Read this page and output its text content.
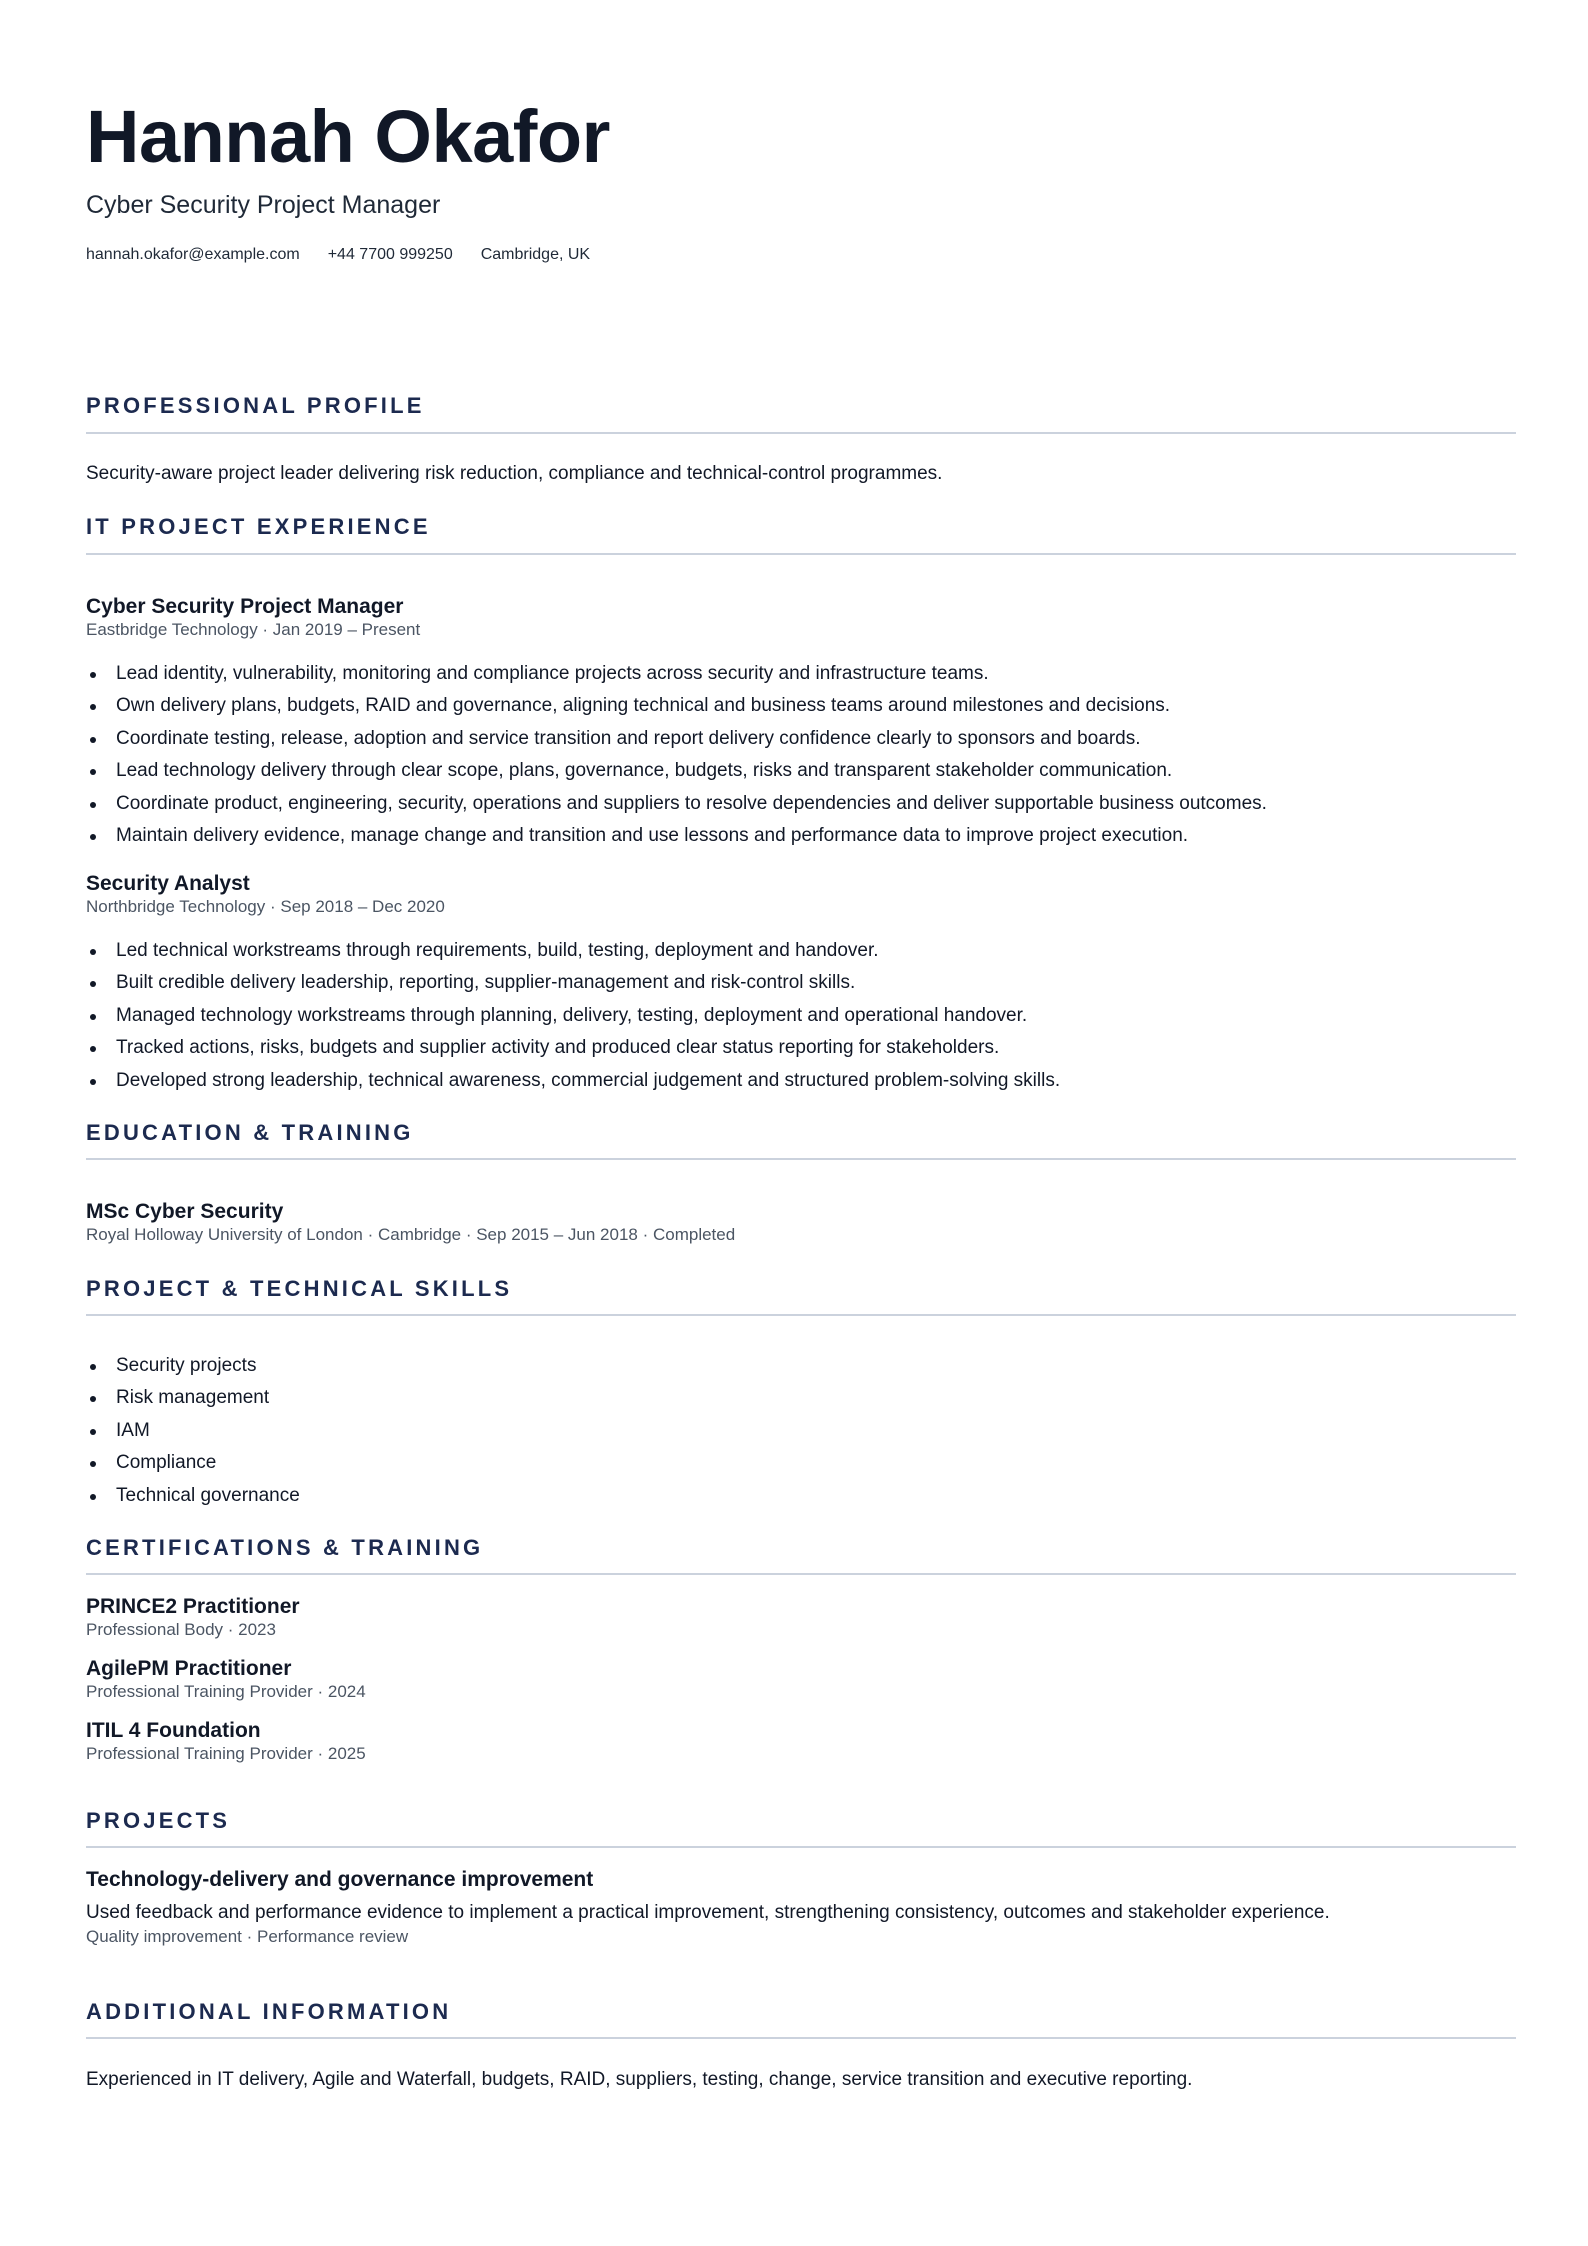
Hannah Okafor
Cyber Security Project Manager
hannah.okafor@example.com +44 7700 999250 Cambridge, UK
PROFESSIONAL PROFILE
Security-aware project leader delivering risk reduction, compliance and technical-control programmes.
IT PROJECT EXPERIENCE
Cyber Security Project Manager
Eastbridge Technology · Jan 2019 – Present
Lead identity, vulnerability, monitoring and compliance projects across security and infrastructure teams.
Own delivery plans, budgets, RAID and governance, aligning technical and business teams around milestones and decisions.
Coordinate testing, release, adoption and service transition and report delivery confidence clearly to sponsors and boards.
Lead technology delivery through clear scope, plans, governance, budgets, risks and transparent stakeholder communication.
Coordinate product, engineering, security, operations and suppliers to resolve dependencies and deliver supportable business outcomes.
Maintain delivery evidence, manage change and transition and use lessons and performance data to improve project execution.
Security Analyst
Northbridge Technology · Sep 2018 – Dec 2020
Led technical workstreams through requirements, build, testing, deployment and handover.
Built credible delivery leadership, reporting, supplier-management and risk-control skills.
Managed technology workstreams through planning, delivery, testing, deployment and operational handover.
Tracked actions, risks, budgets and supplier activity and produced clear status reporting for stakeholders.
Developed strong leadership, technical awareness, commercial judgement and structured problem-solving skills.
EDUCATION & TRAINING
MSc Cyber Security
Royal Holloway University of London · Cambridge · Sep 2015 – Jun 2018 · Completed
PROJECT & TECHNICAL SKILLS
Security projects
Risk management
IAM
Compliance
Technical governance
CERTIFICATIONS & TRAINING
PRINCE2 Practitioner
Professional Body · 2023
AgilePM Practitioner
Professional Training Provider · 2024
ITIL 4 Foundation
Professional Training Provider · 2025
PROJECTS
Technology-delivery and governance improvement
Used feedback and performance evidence to implement a practical improvement, strengthening consistency, outcomes and stakeholder experience.
Quality improvement · Performance review
ADDITIONAL INFORMATION
Experienced in IT delivery, Agile and Waterfall, budgets, RAID, suppliers, testing, change, service transition and executive reporting.
